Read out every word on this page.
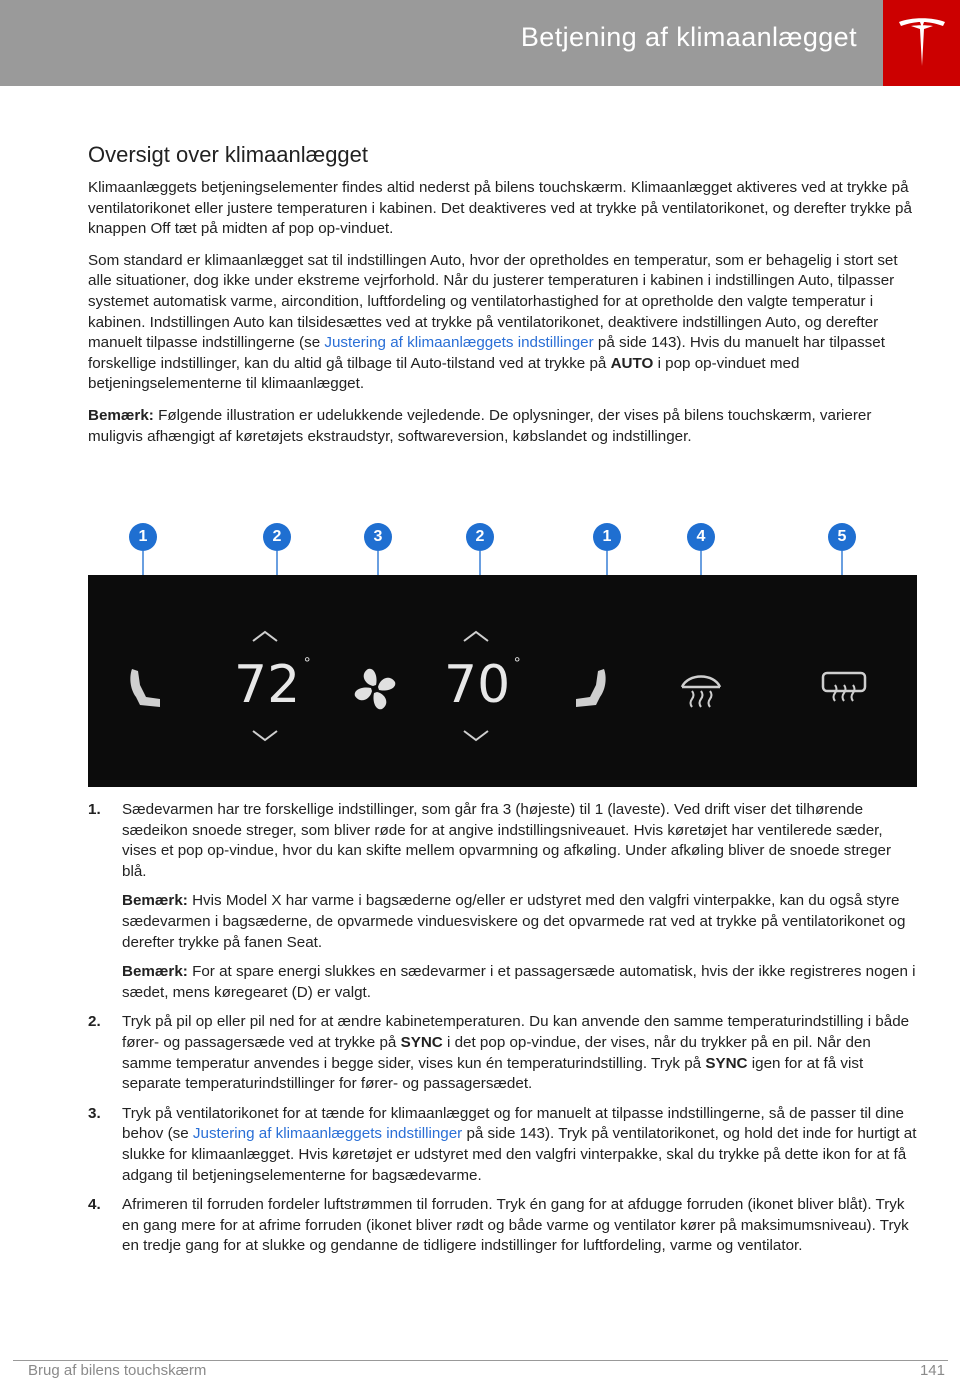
Betjening af klimaanlægget
Oversigt over klimaanlægget

Klimaanlæggets betjeningselementer findes altid nederst på bilens touchskærm. Klimaanlægget aktiveres ved at trykke på ventilatorikonet eller justere temperaturen i kabinen. Det deaktiveres ved at trykke på ventilatorikonet, og derefter trykke på knappen Off tæt på midten af pop op-vinduet.

Som standard er klimaanlægget sat til indstillingen Auto, hvor der opretholdes en temperatur, som er behagelig i stort set alle situationer, dog ikke under ekstreme vejrforhold. Når du justerer temperaturen i kabinen i indstillingen Auto, tilpasser systemet automatisk varme, aircondition, luftfordeling og ventilatorhastighed for at opretholde den valgte temperatur i kabinen. Indstillingen Auto kan tilsidesættes ved at trykke på ventilatorikonet, deaktivere indstillingen Auto, og derefter manuelt tilpasse indstillingerne (se Justering af klimaanlæggets indstillinger på side 143). Hvis du manuelt har tilpasset forskellige indstillinger, kan du altid gå tilbage til Auto-tilstand ved at trykke på AUTO i pop op-vinduet med betjeningselementerne til klimaanlægget.

Bemærk: Følgende illustration er udelukkende vejledende. De oplysninger, der vises på bilens touchskærm, varierer muligvis afhængigt af køretøjets ekstraudstyr, softwareversion, købslandet og indstillinger.

1	2	3	2	1	4	5
72 °	70 °
1. Sædevarmen har tre forskellige indstillinger, som går fra 3 (højeste) til 1 (laveste). Ved drift viser det tilhørende sædeikon snoede streger, som bliver røde for at angive indstillingsniveauet. Hvis køretøjet har ventilerede sæder, vises et pop op-vindue, hvor du kan skifte mellem opvarmning og afkøling. Under afkøling bliver de snoede streger blå.

Bemærk: Hvis Model X har varme i bagsæderne og/eller er udstyret med den valgfri vinterpakke, kan du også styre sædevarmen i bagsæderne, de opvarmede vinduesviskere og det opvarmede rat ved at trykke på ventilatorikonet og derefter trykke på fanen Seat.

Bemærk: For at spare energi slukkes en sædevarmer i et passagersæde automatisk, hvis der ikke registreres nogen i sædet, mens køregearet (D) er valgt.

2. Tryk på pil op eller pil ned for at ændre kabinetemperaturen. Du kan anvende den samme temperaturindstilling i både fører- og passagersæde ved at trykke på SYNC i det pop op-vindue, der vises, når du trykker på en pil. Når den samme temperatur anvendes i begge sider, vises kun én temperaturindstilling. Tryk på SYNC igen for at få vist separate temperaturindstillinger for fører- og passagersædet.

3. Tryk på ventilatorikonet for at tænde for klimaanlægget og for manuelt at tilpasse indstillingerne, så de passer til dine behov (se Justering af klimaanlæggets indstillinger på side 143). Tryk på ventilatorikonet, og hold det inde for hurtigt at slukke for klimaanlægget. Hvis køretøjet er udstyret med den valgfri vinterpakke, skal du trykke på dette ikon for at få adgang til betjeningselementerne for bagsædevarme.

4. Afrimeren til forruden fordeler luftstrømmen til forruden. Tryk én gang for at afdugge forruden (ikonet bliver blåt). Tryk en gang mere for at afrime forruden (ikonet bliver rødt og både varme og ventilator kører på maksimumsniveau). Tryk en tredje gang for at slukke og gendanne de tidligere indstillinger for luftfordeling, varme og ventilator.

Brug af bilens touchskærm	141
